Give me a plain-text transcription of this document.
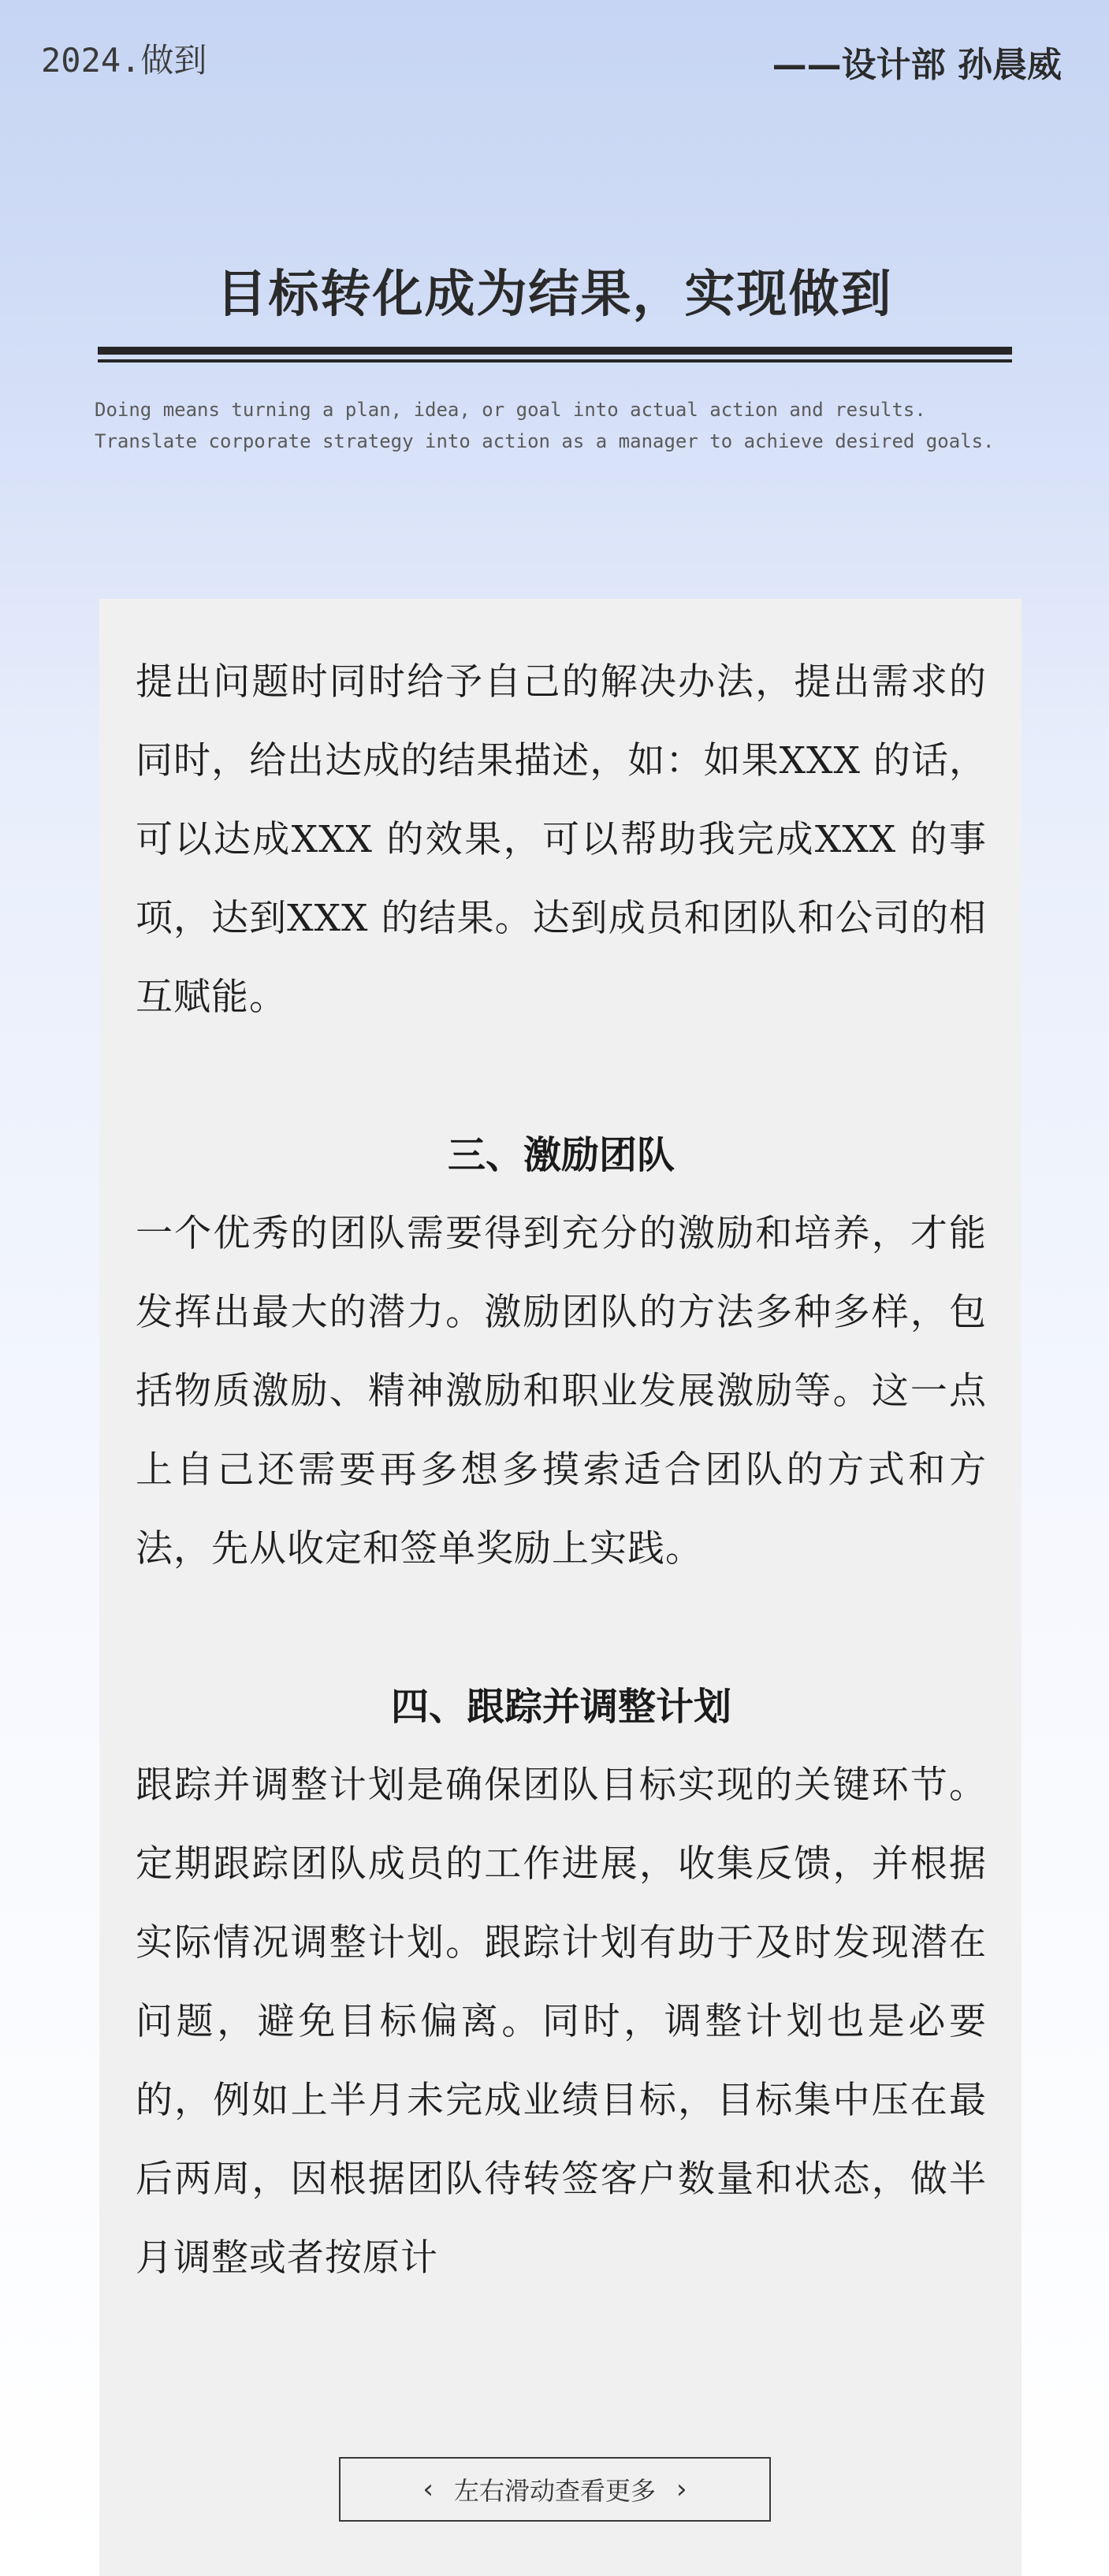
2024.做到	——设计部 孙晨威
目标转化成为结果，实现做到
Doing means turning a plan, idea, or goal into actual action and results.
Translate corporate strategy into action as a manager to achieve desired goals.

提出问题时同时给予自己的解决办法，提出需求的同时，给出达成的结果描述，如：如果XXX 的话，可以达成XXX 的效果，可以帮助我完成XXX 的事项，达到XXX 的结果。达到成员和团队和公司的相互赋能。

三、激励团队

一个优秀的团队需要得到充分的激励和培养，才能发挥出最大的潜力。激励团队的方法多种多样，包括物质激励、精神激励和职业发展激励等。这一点上自己还需要再多想多摸索适合团队的方式和方法，先从收定和签单奖励上实践。

四、跟踪并调整计划

跟踪并调整计划是确保团队目标实现的关键环节。定期跟踪团队成员的工作进展，收集反馈，并根据实际情况调整计划。跟踪计划有助于及时发现潜在问题，避免目标偏离。同时，调整计划也是必要的，例如上半月未完成业绩目标，目标集中压在最后两周，因根据团队待转签客户数量和状态，做半月调整或者按原计

‹ 左右滑动查看更多 ›
